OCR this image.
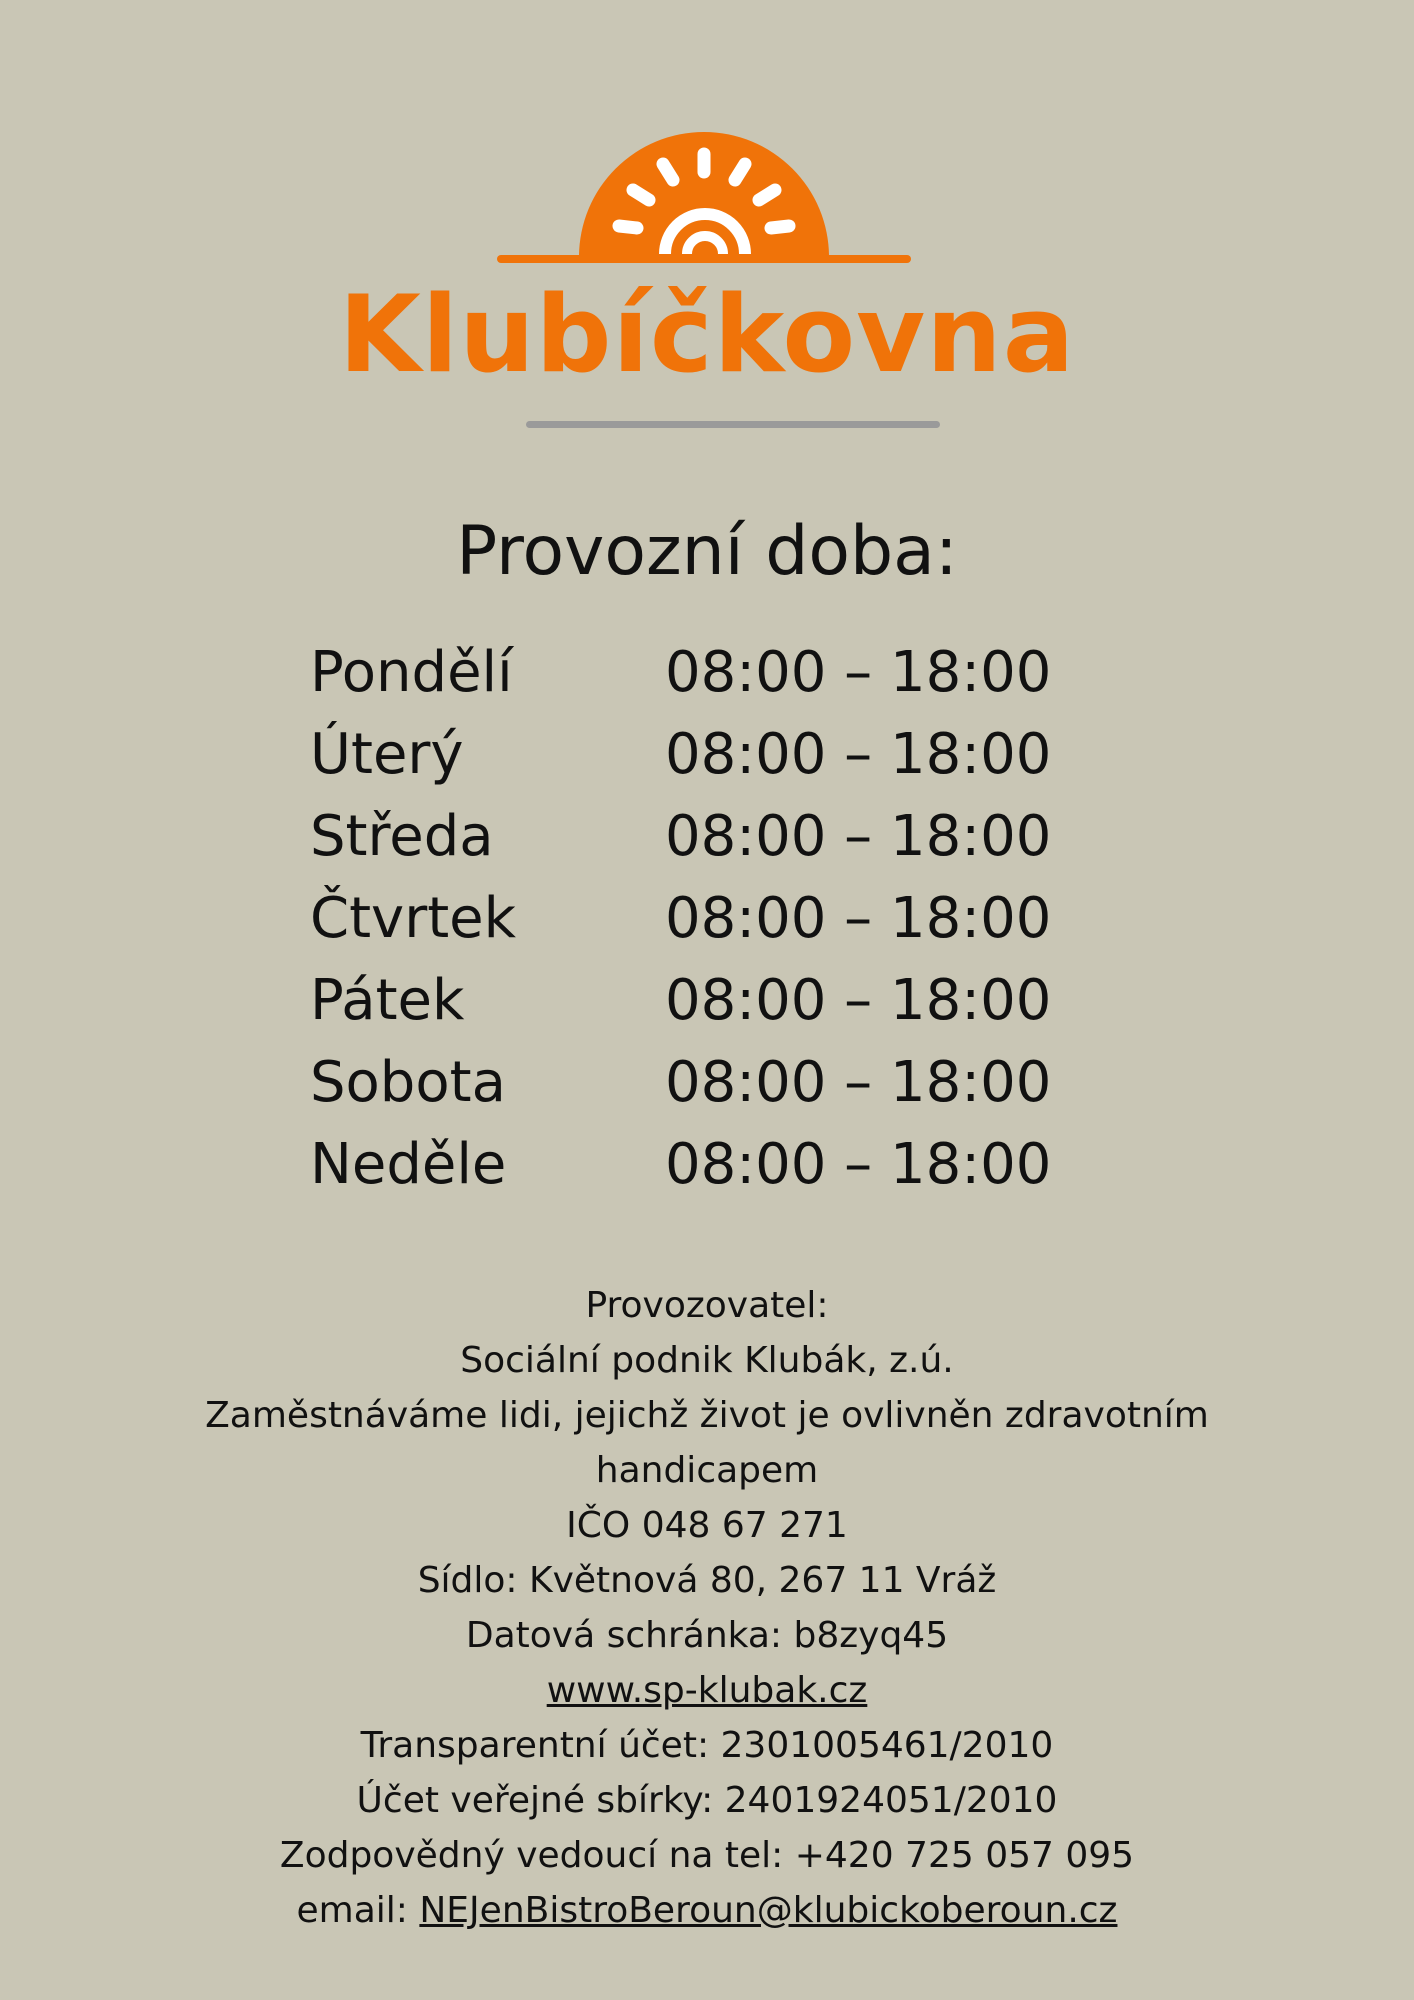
Klubíčkovna
Provozní doba:
Pondělí	08:00 – 18:00
Úterý	08:00 – 18:00
Středa	08:00 – 18:00
Čtvrtek	08:00 – 18:00
Pátek	08:00 – 18:00
Sobota	08:00 – 18:00
Neděle	08:00 – 18:00
Provozovatel:
Sociální podnik Klubák, z.ú.
Zaměstnáváme lidi, jejichž život je ovlivněn zdravotním
handicapem
IČO 048 67 271
Sídlo: Květnová 80, 267 11 Vráž
Datová schránka: b8zyq45
www.sp-klubak.cz
Transparentní účet: 2301005461/2010
Účet veřejné sbírky: 2401924051/2010
Zodpovědný vedoucí na tel: +420 725 057 095
email: NEJenBistroBeroun@klubickoberoun.cz
